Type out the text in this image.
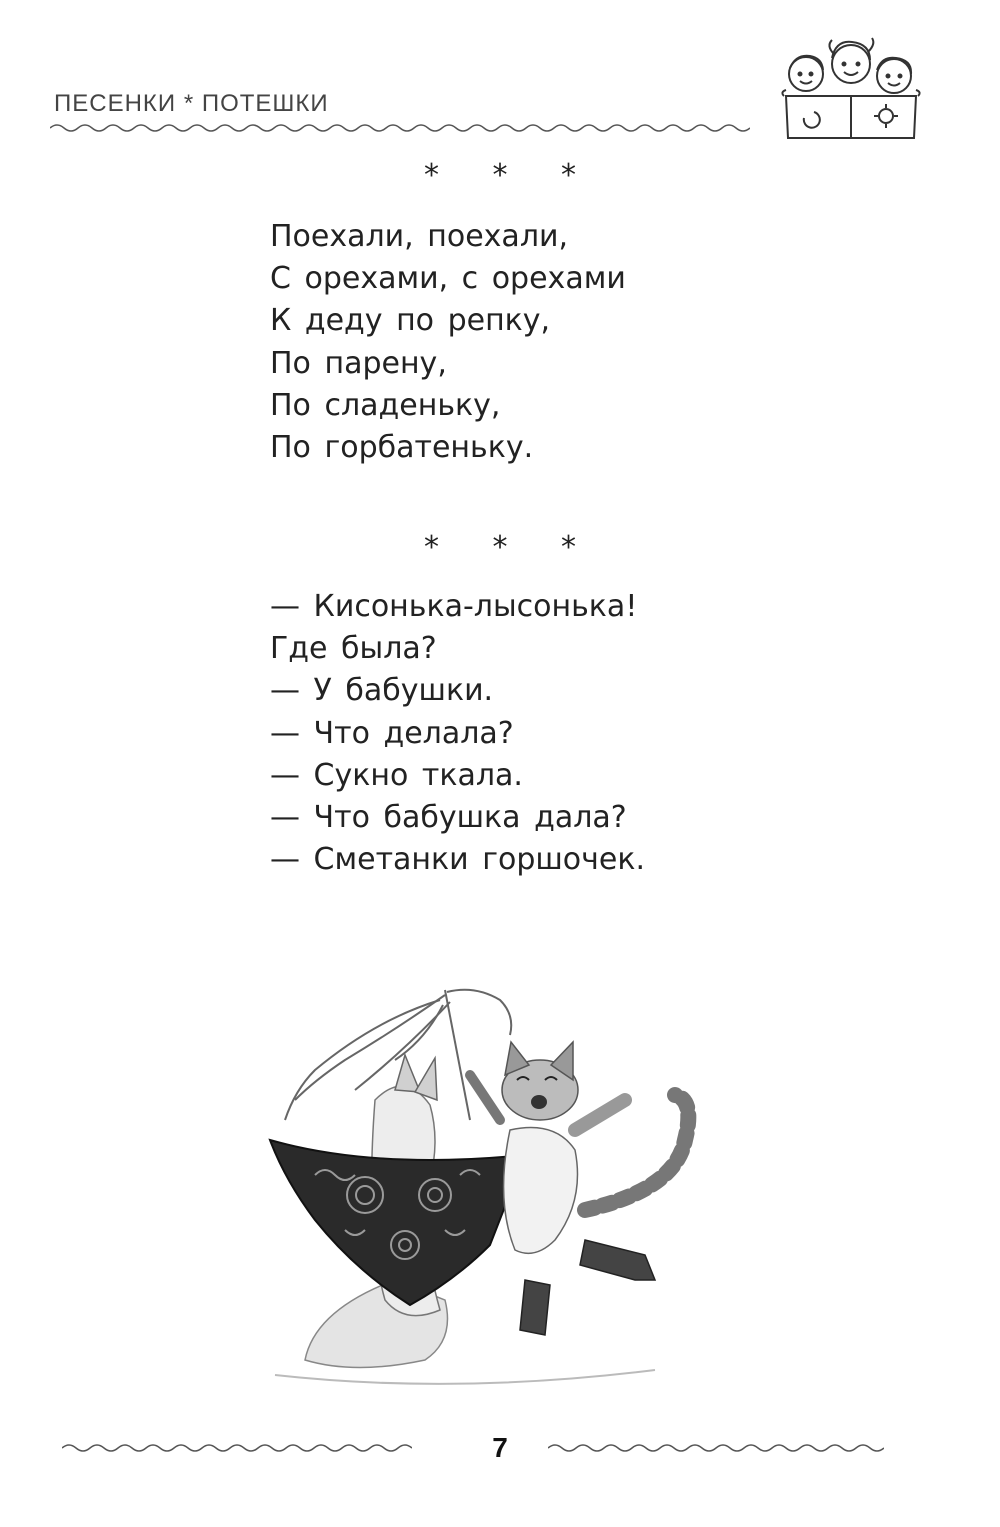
ПЕСЕНКИ * ПОТЕШКИ
* * *
Поехали, поехали,
С орехами, с орехами
К деду по репку,
По парену,
По сладеньку,
По горбатеньку.
* * *
— Кисонька-лысонька!
Где была?
— У бабушки.
— Что делала?
— Сукно ткала.
— Что бабушка дала?
— Сметанки горшочек.
7
